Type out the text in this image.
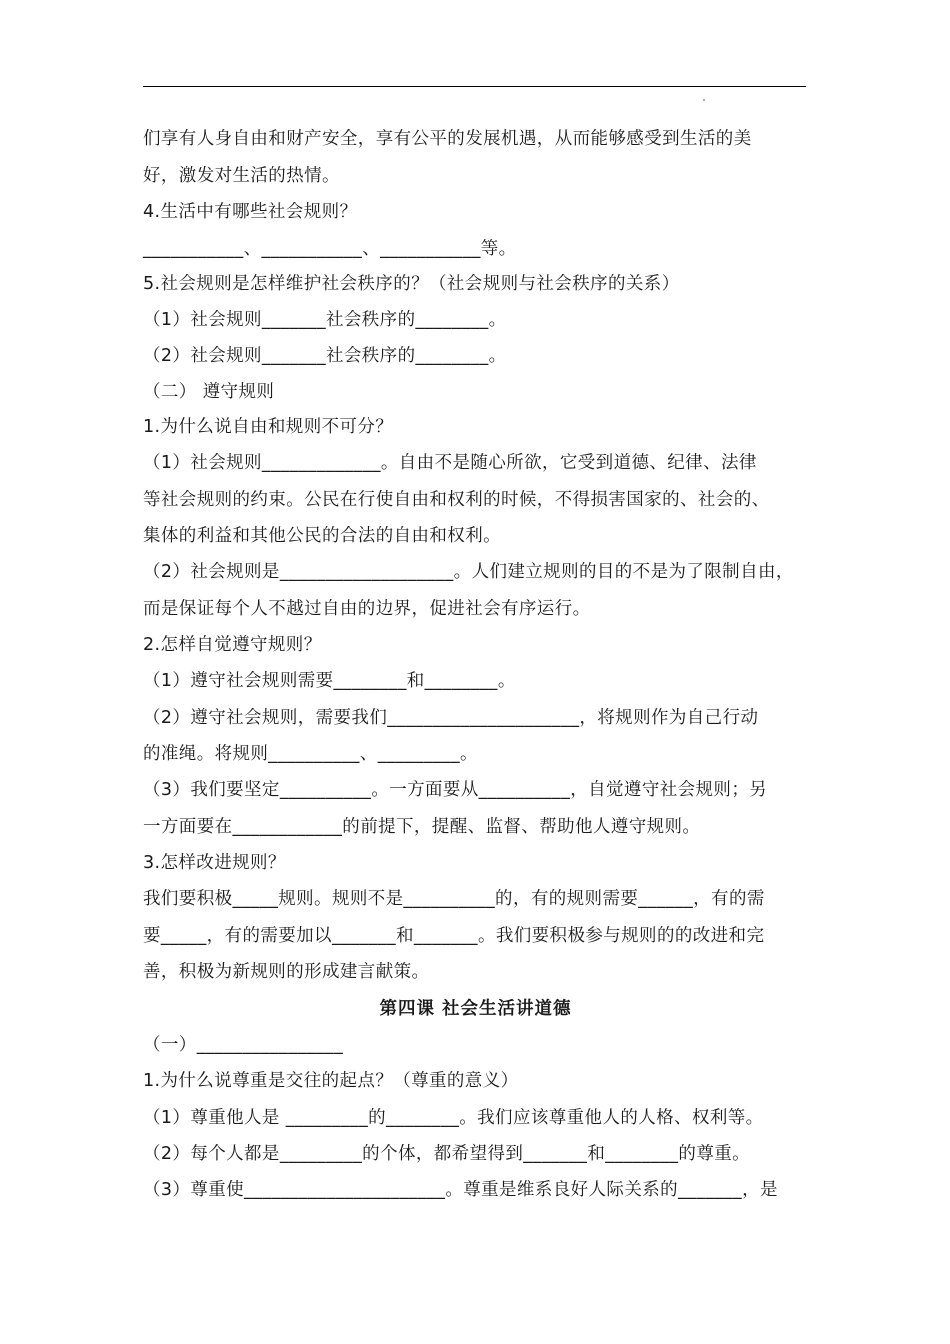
们享有人身自由和财产安全，享有公平的发展机遇，从而能够感受到生活的美
好，激发对生活的热情。
4.生活中有哪些社会规则？
___________、___________、___________等。
5.社会规则是怎样维护社会秩序的？（社会规则与社会秩序的关系）
（1）社会规则_______社会秩序的________。
（2）社会规则_______社会秩序的________。
（二） 遵守规则
1.为什么说自由和规则不可分？
（1）社会规则_____________。自由不是随心所欲，它受到道德、纪律、法律
等社会规则的约束。公民在行使自由和权利的时候，不得损害国家的、社会的、
集体的利益和其他公民的合法的自由和权利。
（2）社会规则是___________________。人们建立规则的目的不是为了限制自由，
而是保证每个人不越过自由的边界，促进社会有序运行。
2.怎样自觉遵守规则？
（1）遵守社会规则需要________和________。
（2）遵守社会规则，需要我们_____________________，将规则作为自己行动
的准绳。将规则__________、_________。
（3）我们要坚定__________。一方面要从__________，自觉遵守社会规则；另
一方面要在____________的前提下，提醒、监督、帮助他人遵守规则。
3.怎样改进规则？
我们要积极_____规则。规则不是__________的，有的规则需要______，有的需
要_____，有的需要加以_______和_______。我们要积极参与规则的的改进和完
善，积极为新规则的形成建言献策。
第四课 社会生活讲道德
（一）________________
1.为什么说尊重是交往的起点？（尊重的意义）
（1）尊重他人是 _________的________。我们应该尊重他人的人格、权利等。
（2）每个人都是_________的个体，都希望得到_______和________的尊重。
（3）尊重使______________________。尊重是维系良好人际关系的_______，是
